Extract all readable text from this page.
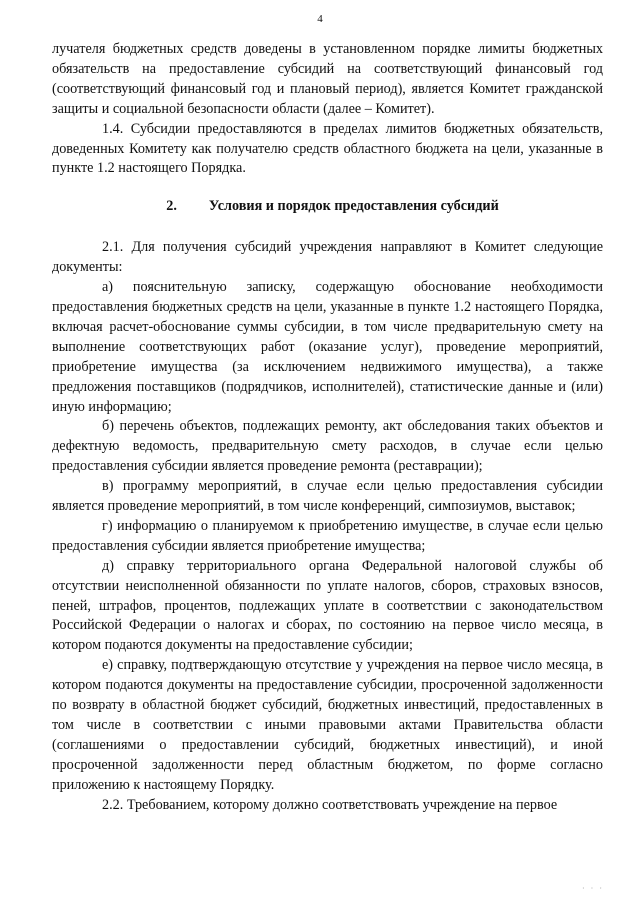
4

лучателя бюджетных средств доведены в установленном порядке лимиты бюджетных обязательств на предоставление субсидий на соответствующий финансовый год (соответствующий финансовый год и плановый период), является Комитет гражданской защиты и социальной безопасности области (далее – Комитет).

1.4. Субсидии предоставляются в пределах лимитов бюджетных обязательств, доведенных Комитету как получателю средств областного бюджета на цели, указанные в пункте 1.2 настоящего Порядка.

2. Условия и порядок предоставления субсидий

2.1. Для получения субсидий учреждения направляют в Комитет следующие документы:

а) пояснительную записку, содержащую обоснование необходимости предоставления бюджетных средств на цели, указанные в пункте 1.2 настоящего Порядка, включая расчет-обоснование суммы субсидии, в том числе предварительную смету на выполнение соответствующих работ (оказание услуг), проведение мероприятий, приобретение имущества (за исключением недвижимого имущества), а также предложения поставщиков (подрядчиков, исполнителей), статистические данные и (или) иную информацию;

б) перечень объектов, подлежащих ремонту, акт обследования таких объектов и дефектную ведомость, предварительную смету расходов, в случае если целью предоставления субсидии является проведение ремонта (реставрации);

в) программу мероприятий, в случае если целью предоставления субсидии является проведение мероприятий, в том числе конференций, симпозиумов, выставок;

г) информацию о планируемом к приобретению имуществе, в случае если целью предоставления субсидии является приобретение имущества;

д) справку территориального органа Федеральной налоговой службы об отсутствии неисполненной обязанности по уплате налогов, сборов, страховых взносов, пеней, штрафов, процентов, подлежащих уплате в соответствии с законодательством Российской Федерации о налогах и сборах, по состоянию на первое число месяца, в котором подаются документы на предоставление субсидии;

е) справку, подтверждающую отсутствие у учреждения на первое число месяца, в котором подаются документы на предоставление субсидии, просроченной задолженности по возврату в областной бюджет субсидий, бюджетных инвестиций, предоставленных в том числе в соответствии с иными правовыми актами Правительства области (соглашениями о предоставлении субсидий, бюджетных инвестиций), и иной просроченной задолженности перед областным бюджетом, по форме согласно приложению к настоящему Порядку.

2.2. Требованием, которому должно соответствовать учреждение на первое

· · ·
